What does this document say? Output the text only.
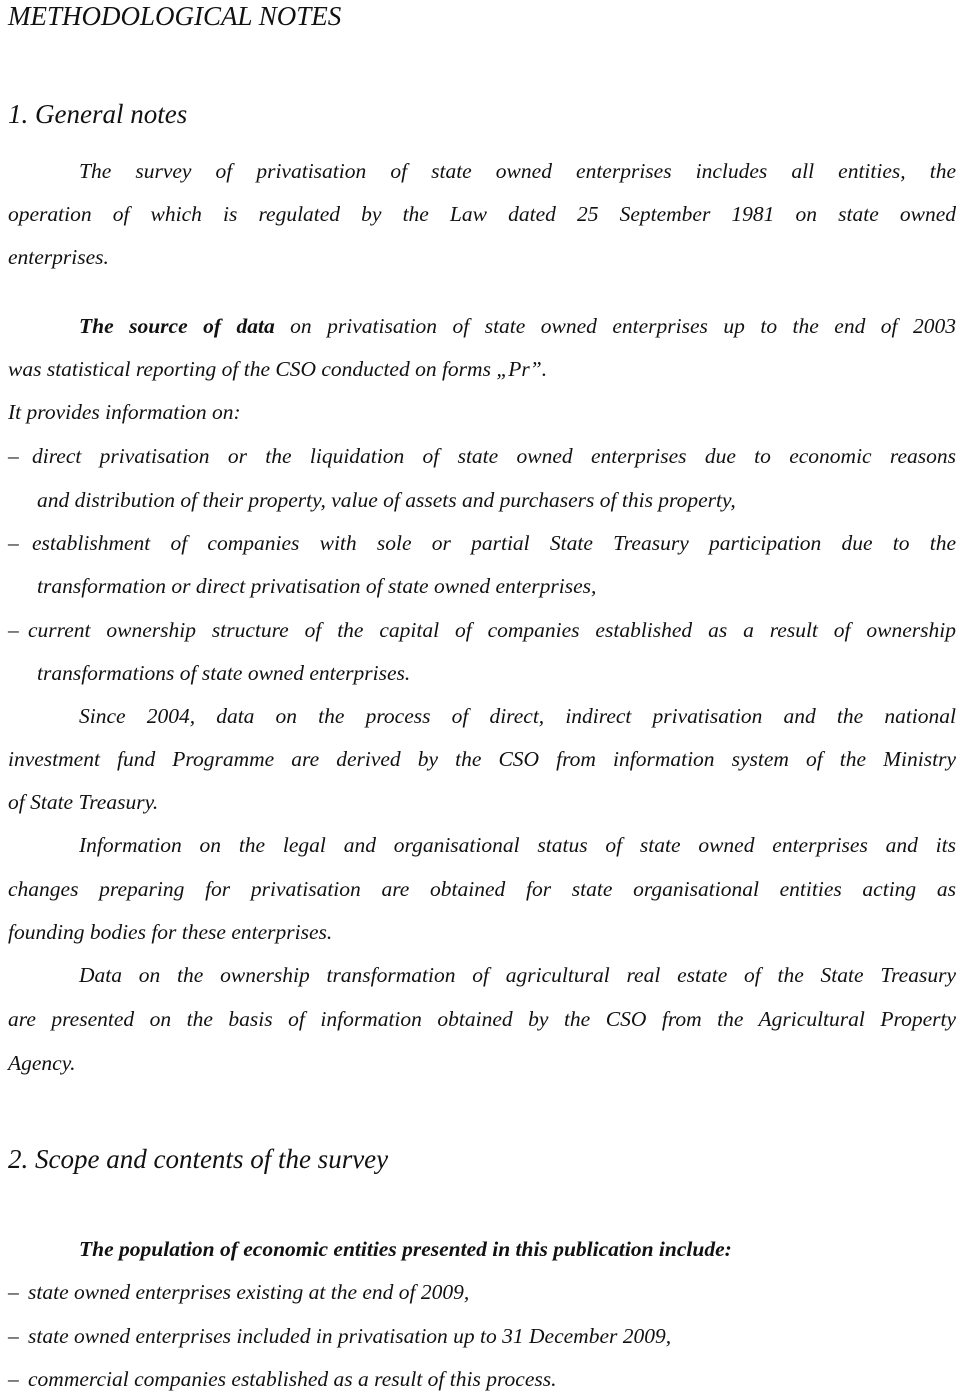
METHODOLOGICAL NOTES
1. General notes

The survey of privatisation of state owned enterprises includes all entities, the

operation of which is regulated by the Law dated 25 September 1981 on state owned

enterprises.

The source of data on privatisation of state owned enterprises up to the end of 2003

was statistical reporting of the CSO conducted on forms „Pr”.

It provides information on:

– direct privatisation or the liquidation of state owned enterprises due to economic reasons

and distribution of their property, value of assets and purchasers of this property,

– establishment of companies with sole or partial State Treasury participation due to the

transformation or direct privatisation of state owned enterprises,

– current ownership structure of the capital of companies established as a result of ownership

transformations of state owned enterprises.

Since 2004, data on the process of direct, indirect privatisation and the national

investment fund Programme are derived by the CSO from information system of the Ministry

of State Treasury.

Information on the legal and organisational status of state owned enterprises and its

changes preparing for privatisation are obtained for state organisational entities acting as

founding bodies for these enterprises.

Data on the ownership transformation of agricultural real estate of the State Treasury

are presented on the basis of information obtained by the CSO from the Agricultural Property

Agency.

2. Scope and contents of the survey

The population of economic entities presented in this publication include:

– state owned enterprises existing at the end of 2009,

– state owned enterprises included in privatisation up to 31 December 2009,

– commercial companies established as a result of this process.
